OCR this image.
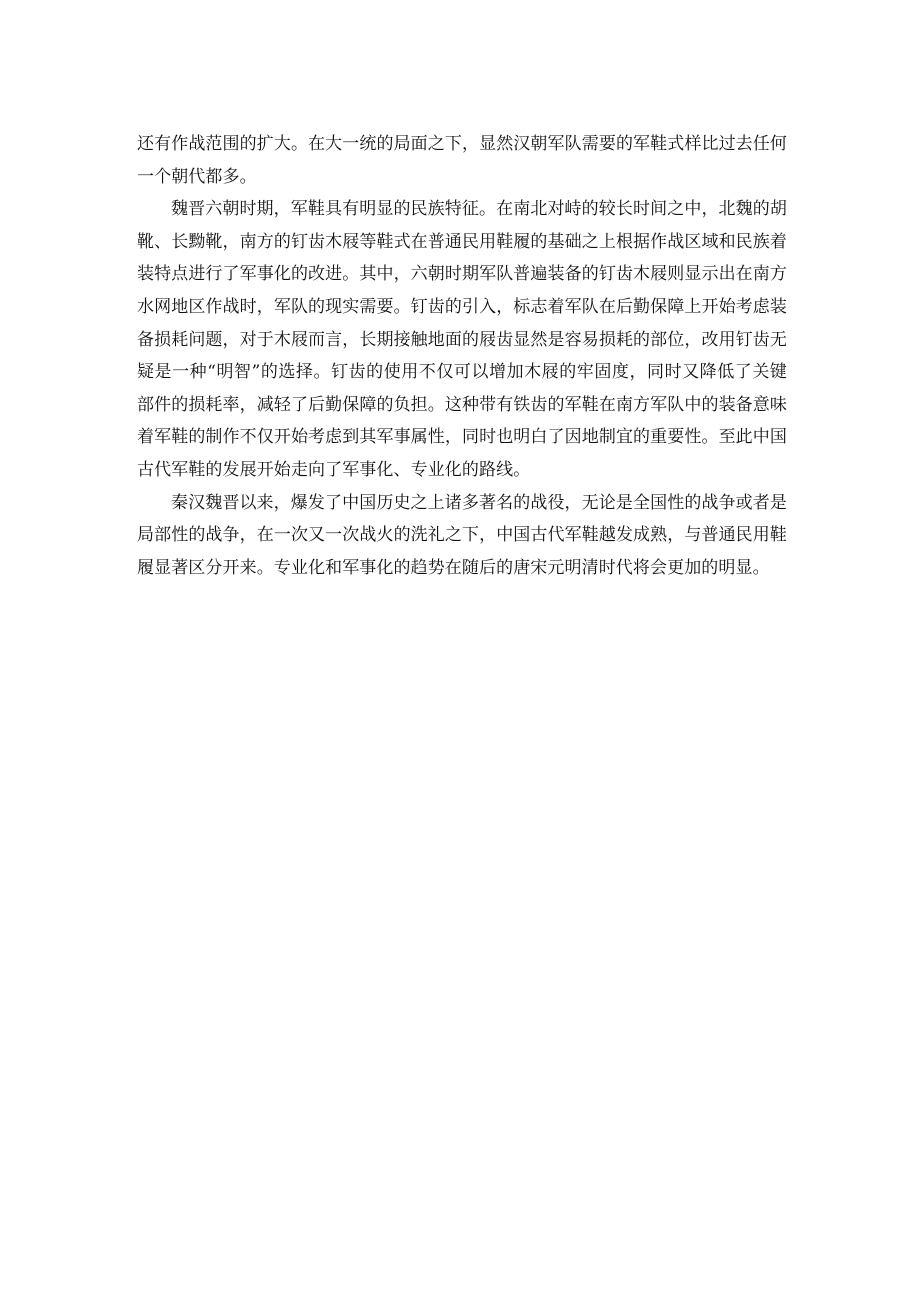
还有作战范围的扩大。在大一统的局面之下，显然汉朝军队需要的军鞋式样比过去任何
一个朝代都多。
魏晋六朝时期，军鞋具有明显的民族特征。在南北对峙的较长时间之中，北魏的胡
靴、长黝靴，南方的钉齿木屐等鞋式在普通民用鞋履的基础之上根据作战区域和民族着
装特点进行了军事化的改进。其中，六朝时期军队普遍装备的钉齿木屐则显示出在南方
水网地区作战时，军队的现实需要。钉齿的引入，标志着军队在后勤保障上开始考虑装
备损耗问题，对于木屐而言，长期接触地面的屐齿显然是容易损耗的部位，改用钉齿无
疑是一种“明智”的选择。钉齿的使用不仅可以增加木屐的牢固度，同时又降低了关键
部件的损耗率，减轻了后勤保障的负担。这种带有铁齿的军鞋在南方军队中的装备意味
着军鞋的制作不仅开始考虑到其军事属性，同时也明白了因地制宜的重要性。至此中国
古代军鞋的发展开始走向了军事化、专业化的路线。
秦汉魏晋以来，爆发了中国历史之上诸多著名的战役，无论是全国性的战争或者是
局部性的战争，在一次又一次战火的洗礼之下，中国古代军鞋越发成熟，与普通民用鞋
履显著区分开来。专业化和军事化的趋势在随后的唐宋元明清时代将会更加的明显。
